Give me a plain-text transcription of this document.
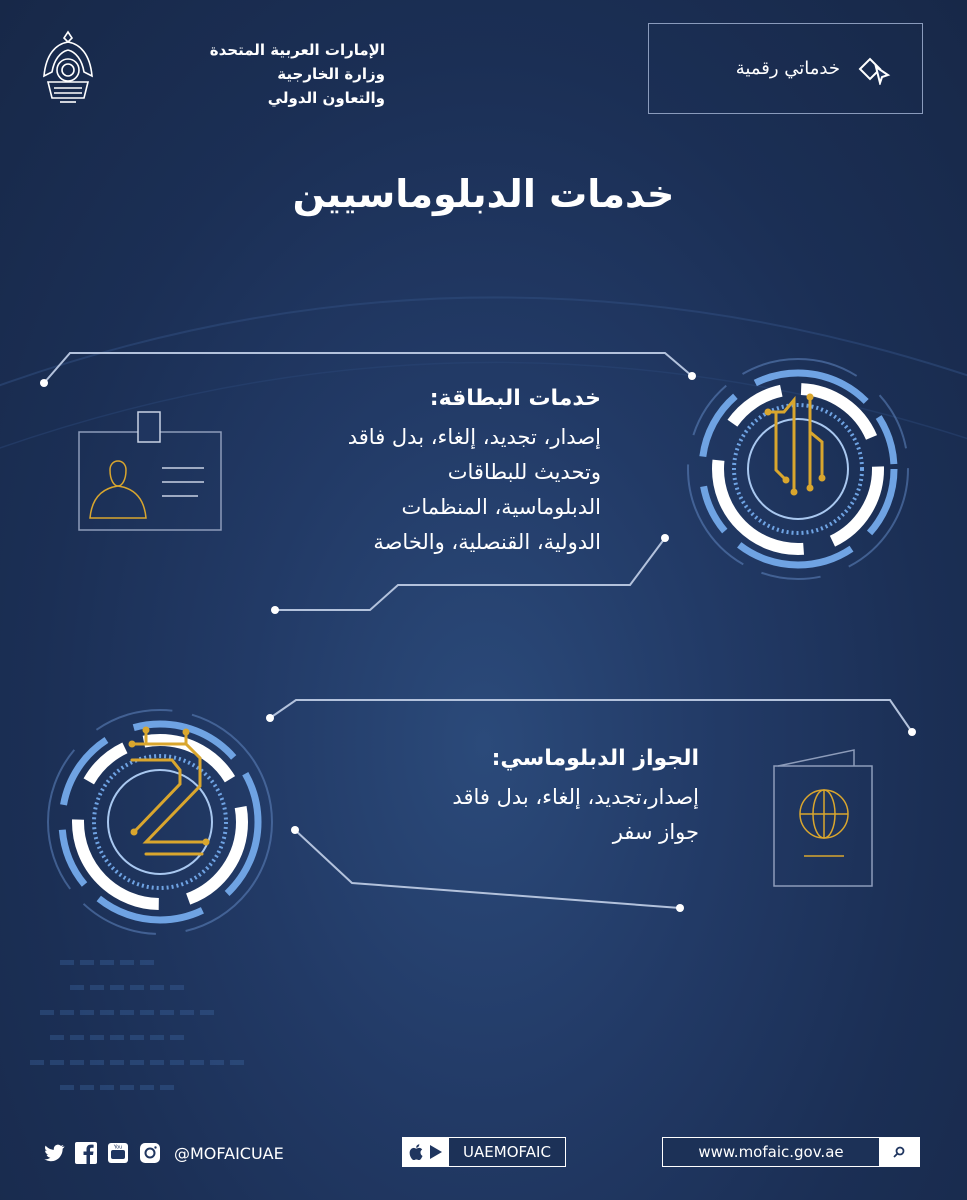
الإمارات العربية المتحدة
وزارة الخارجية
والتعاون الدولي
خدماتي رقمية
خدمات الدبلوماسيين
خدمات البطاقة:
إصدار، تجديد، إلغاء، بدل فاقد
وتحديث للبطاقات
الدبلوماسية، المنظمات
الدولية، القنصلية، والخاصة
الجواز الدبلوماسي:
إصدار،تجديد، إلغاء، بدل فاقد
جواز سفر
You	@MOFAICUAE	UAEMOFAIC	www.mofaic.gov.ae
